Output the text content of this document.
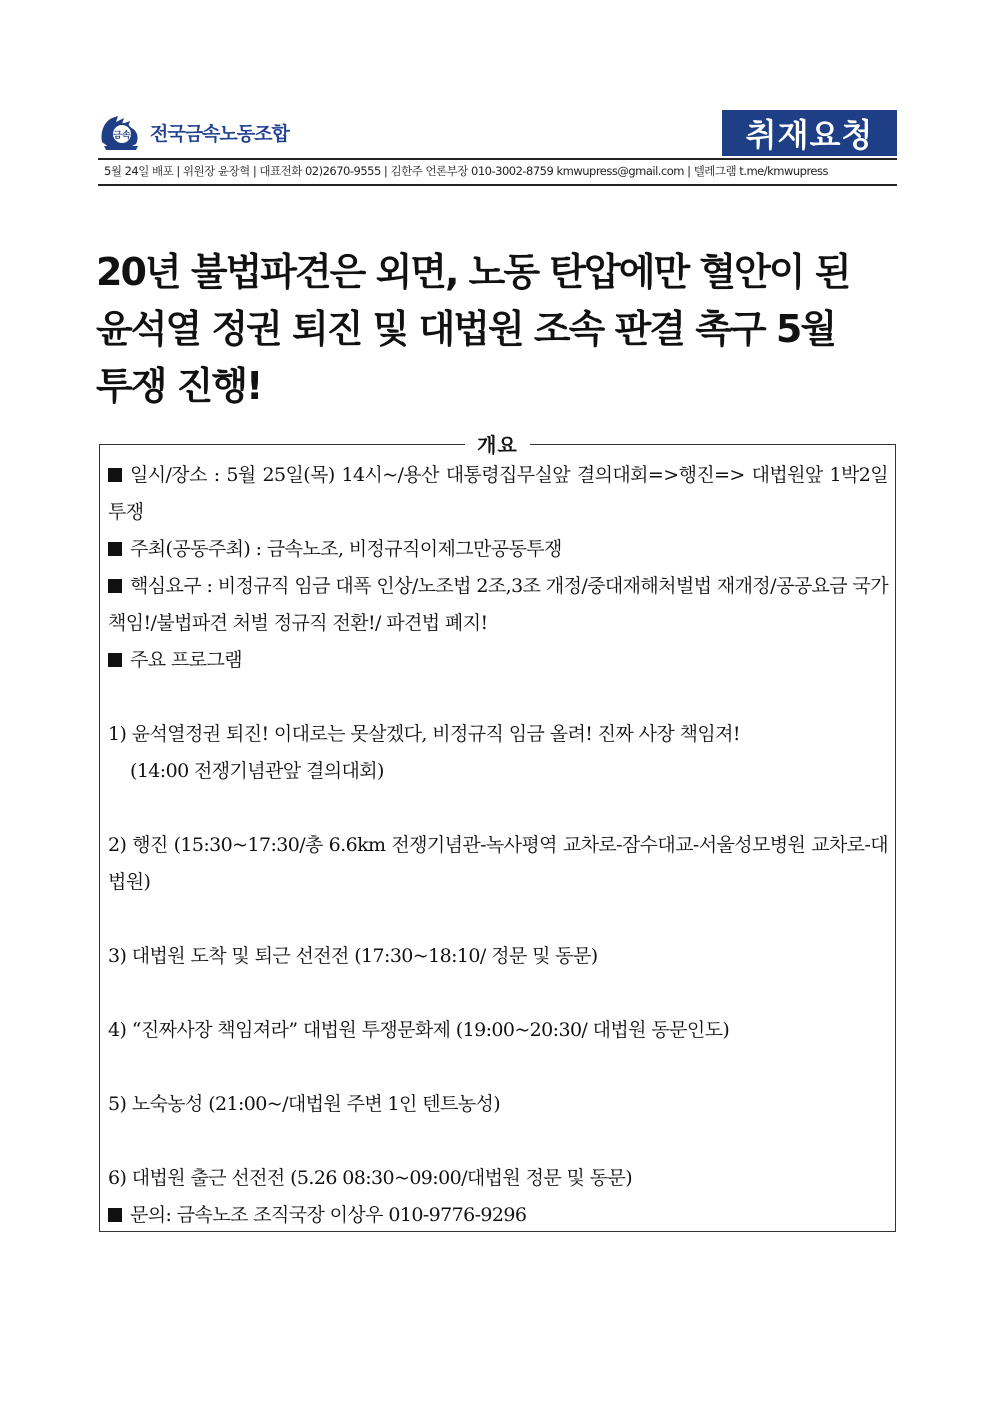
금속 전국금속노동조합	취재요청
5월 24일 배포 | 위원장 윤장혁 | 대표전화 02)2670-9555 | 김한주 언론부장 010-3002-8759 kmwupress@gmail.com | 텔레그램 t.me/kmwupress
20년 불법파견은 외면, 노동 탄압에만 혈안이 된
윤석열 정권 퇴진 및 대법원 조속 판결 촉구 5월
투쟁 진행!
개요

일시/장소 : 5월 25일(목) 14시~/용산 대통령집무실앞 결의대회=>행진=> 대법원앞 1박2일 투쟁

주최(공동주최) : 금속노조, 비정규직이제그만공동투쟁

핵심요구 : 비정규직 임금 대폭 인상/노조법 2조,3조 개정/중대재해처벌법 재개정/공공요금 국가책임!/불법파견 처벌 정규직 전환!/ 파견법 폐지!

주요 프로그램

1) 윤석열정권 퇴진! 이대로는 못살겠다, 비정규직 임금 올려! 진짜 사장 책임져!

(14:00 전쟁기념관앞 결의대회)

2) 행진 (15:30~17:30/총 6.6km 전쟁기념관-녹사평역 교차로-잠수대교-서울성모병원 교차로-대법원)

3) 대법원 도착 및 퇴근 선전전 (17:30~18:10/ 정문 및 동문)

4) “진짜사장 책임져라” 대법원 투쟁문화제 (19:00~20:30/ 대법원 동문인도)

5) 노숙농성 (21:00~/대법원 주변 1인 텐트농성)

6) 대법원 출근 선전전 (5.26 08:30~09:00/대법원 정문 및 동문)

문의: 금속노조 조직국장 이상우 010-9776-9296
